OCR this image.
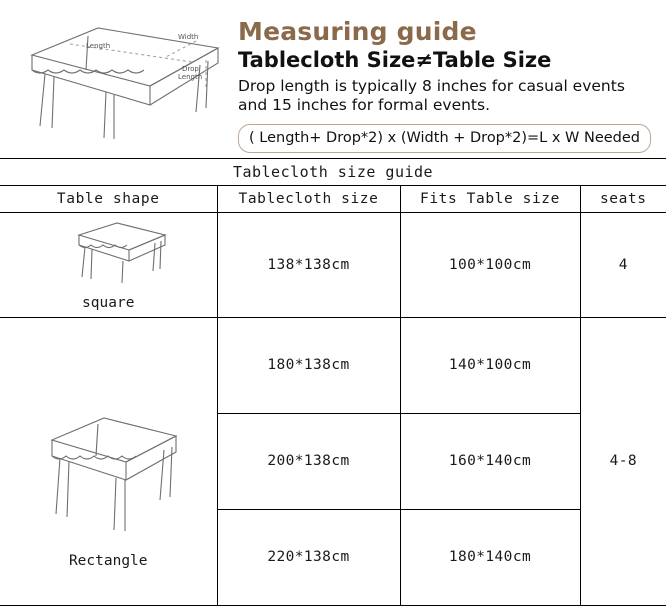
Length
Width
Drop
Length
Measuring guide
Tablecloth Size≠Table Size

Drop length is typically 8 inches for casual events and 15 inches for formal events.

( Length+ Drop*2) x (Width + Drop*2)=L x W Needed
Tablecloth size guide			
Table shape	Tablecloth size	Fits Table size	seats

square	138*138cm	100*100cm	4

Rectangle	180*138cm	140*100cm	4-8
	200*138cm	160*140cm	
	220*138cm	180*140cm	
